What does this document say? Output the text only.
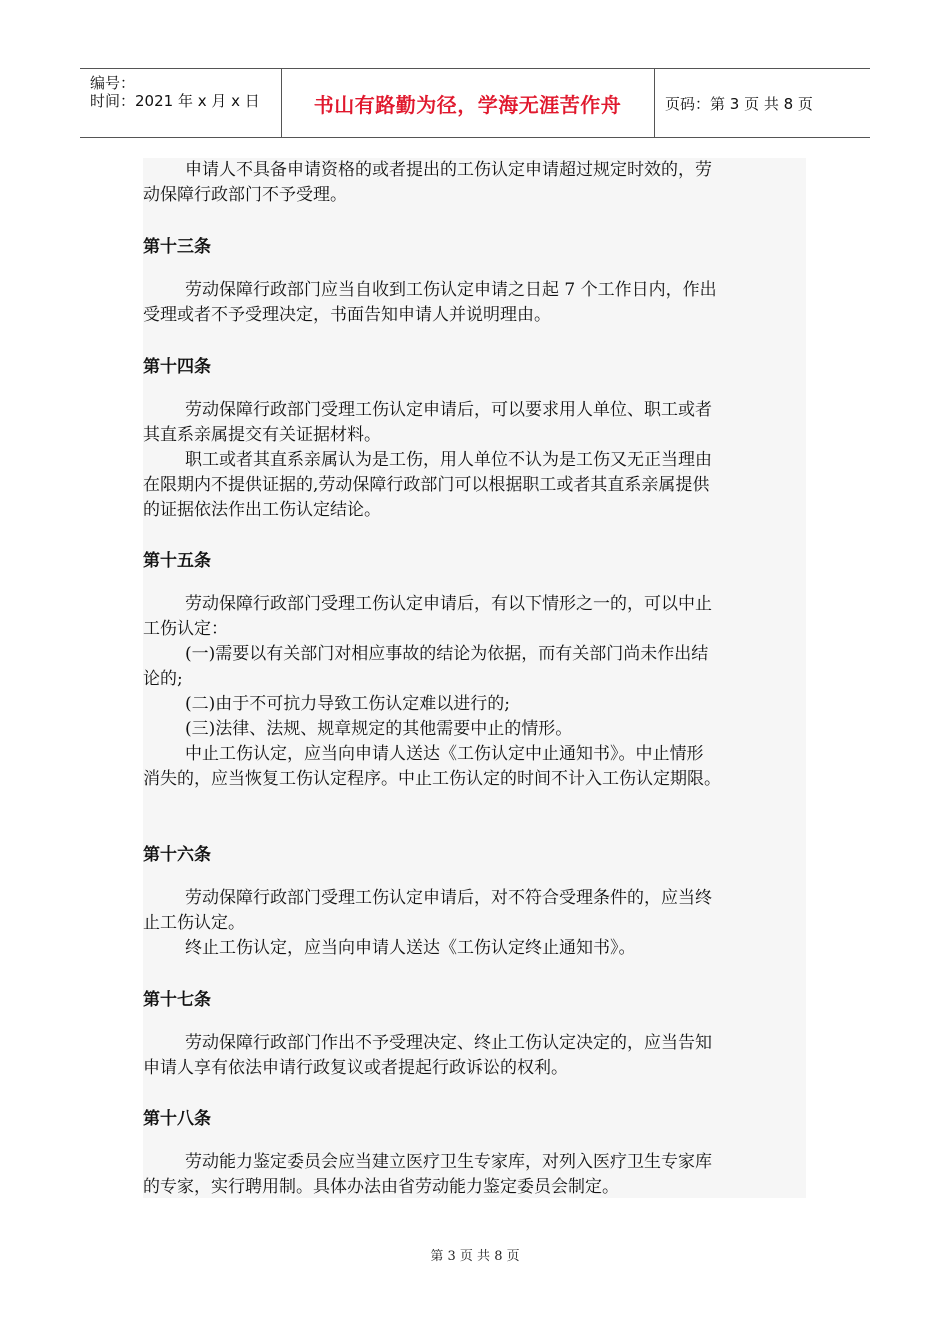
编号：
时间：2021 年 x 月 x 日	书山有路勤为径，学海无涯苦作舟	页码：第 3 页 共 8 页
申请人不具备申请资格的或者提出的工伤认定申请超过规定时效的，劳
动保障行政部门不予受理。
第十三条
劳动保障行政部门应当自收到工伤认定申请之日起 7 个工作日内，作出
受理或者不予受理决定，书面告知申请人并说明理由。
第十四条
劳动保障行政部门受理工伤认定申请后，可以要求用人单位、职工或者
其直系亲属提交有关证据材料。
职工或者其直系亲属认为是工伤，用人单位不认为是工伤又无正当理由
在限期内不提供证据的,劳动保障行政部门可以根据职工或者其直系亲属提供
的证据依法作出工伤认定结论。
第十五条
劳动保障行政部门受理工伤认定申请后，有以下情形之一的，可以中止
工伤认定：
(一)需要以有关部门对相应事故的结论为依据，而有关部门尚未作出结
论的;
(二)由于不可抗力导致工伤认定难以进行的;
(三)法律、法规、规章规定的其他需要中止的情形。
中止工伤认定，应当向申请人送达《工伤认定中止通知书》。中止情形
消失的，应当恢复工伤认定程序。中止工伤认定的时间不计入工伤认定期限。
第十六条
劳动保障行政部门受理工伤认定申请后，对不符合受理条件的，应当终
止工伤认定。
终止工伤认定，应当向申请人送达《工伤认定终止通知书》。
第十七条
劳动保障行政部门作出不予受理决定、终止工伤认定决定的，应当告知
申请人享有依法申请行政复议或者提起行政诉讼的权利。
第十八条
劳动能力鉴定委员会应当建立医疗卫生专家库，对列入医疗卫生专家库
的专家，实行聘用制。具体办法由省劳动能力鉴定委员会制定。
第 3 页 共 8 页
